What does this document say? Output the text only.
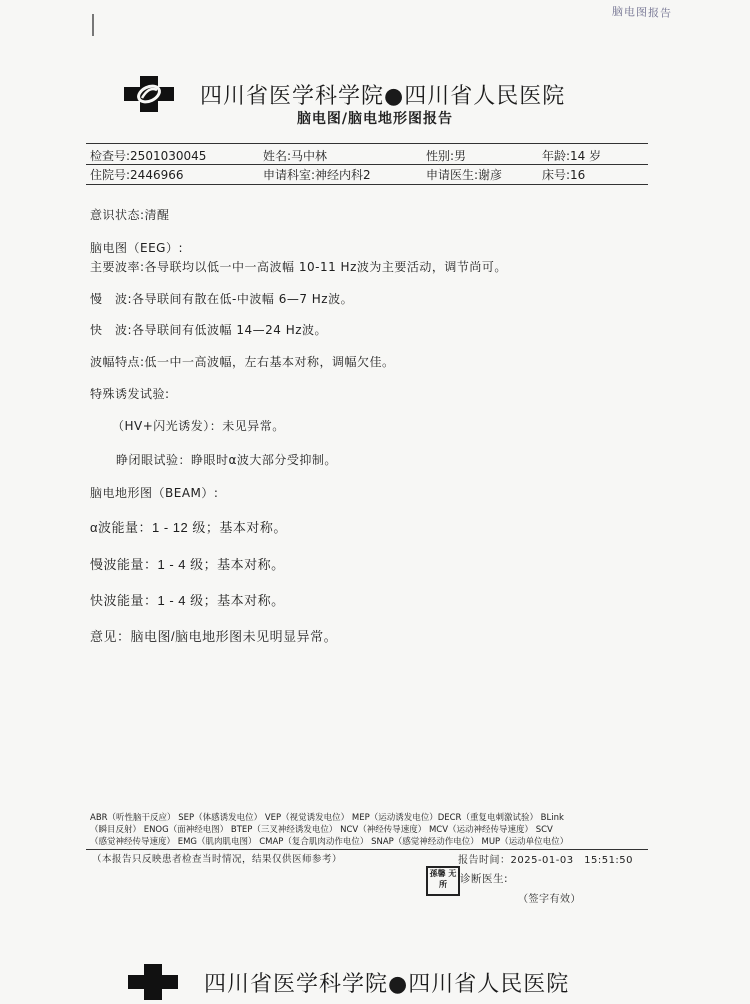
脑电图报告
四川省医学科学院●四川省人民医院
脑电图/脑电地形图报告
检查号:2501030045	姓名:马中林	性别:男	年龄:14 岁
住院号:2446966	申请科室:神经内科2	申请医生:谢彦	床号:16
意识状态:清醒
脑电图（EEG）:
主要波率:各导联均以低一中一高波幅 10-11 Hz波为主要活动，调节尚可。
慢　波:各导联间有散在低-中波幅 6—7 Hz波。
快　波:各导联间有低波幅 14—24 Hz波。
波幅特点:低一中一高波幅，左右基本对称，调幅欠佳。
特殊诱发试验:
（HV+闪光诱发）：未见异常。
睁闭眼试验：睁眼时α波大部分受抑制。
脑电地形图（BEAM）:
α波能量：1 - 12 级；基本对称。
慢波能量：1 - 4 级；基本对称。
快波能量：1 - 4 级；基本对称。
意见：脑电图/脑电地形图未见明显异常。
ABR（听性脑干反应） SEP（体感诱发电位） VEP（视觉诱发电位） MEP（运动诱发电位）DECR（重复电刺激试验） BLink
（瞬目反射） ENOG（面神经电图） BTEP（三叉神经诱发电位） NCV（神经传导速度） MCV（运动神经传导速度） SCV
（感觉神经传导速度） EMG（肌肉肌电图） CMAP（复合肌肉动作电位） SNAP（感觉神经动作电位） MUP（运动单位电位）
（本报告只反映患者检查当时情况，结果仅供医师参考）	报告时间：2025-01-03　15:51:50
孫馨 无所	诊断医生:
（签字有效）
四川省医学科学院●四川省人民医院
